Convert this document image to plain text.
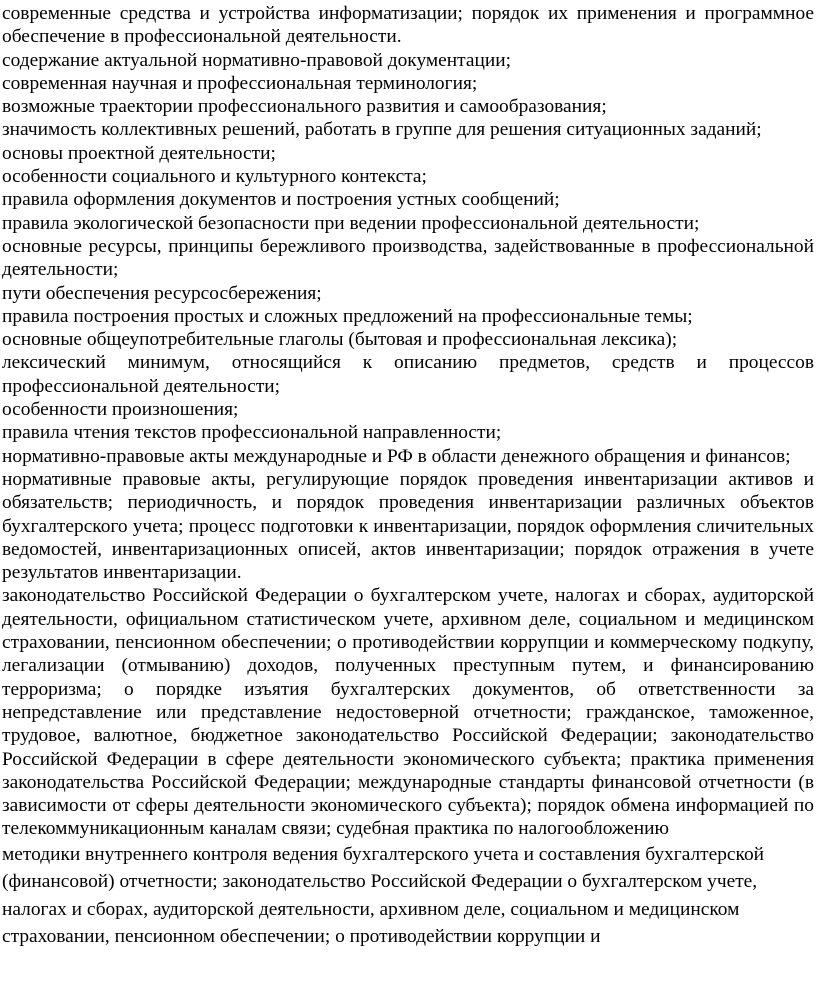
современные средства и устройства информатизации; порядок их применения и программное обеспечение в профессиональной деятельности.

содержание актуальной нормативно-правовой документации;

современная научная и профессиональная терминология;

возможные траектории профессионального развития и самообразования;

значимость коллективных решений, работать в группе для решения ситуационных заданий;

основы проектной деятельности;

особенности социального и культурного контекста;

правила оформления документов и построения устных сообщений;

правила экологической безопасности при ведении профессиональной деятельности;

основные ресурсы, принципы бережливого производства, задействованные в профессиональной деятельности;

пути обеспечения ресурсосбережения;

правила построения простых и сложных предложений на профессиональные темы;

основные общеупотребительные глаголы (бытовая и профессиональная лексика);

лексический минимум, относящийся к описанию предметов, средств и процессов профессиональной деятельности;

особенности произношения;

правила чтения текстов профессиональной направленности;

нормативно-правовые акты международные и РФ в области денежного обращения и финансов;

нормативные правовые акты, регулирующие порядок проведения инвентаризации активов и обязательств; периодичность, и порядок проведения инвентаризации различных объектов бухгалтерского учета; процесс подготовки к инвентаризации, порядок оформления сличительных ведомостей, инвентаризационных описей, актов инвентаризации; порядок отражения в учете результатов инвентаризации.

законодательство Российской Федерации о бухгалтерском учете, налогах и сборах, аудиторской деятельности, официальном статистическом учете, архивном деле, социальном и медицинском страховании, пенсионном обеспечении; о противодействии коррупции и коммерческому подкупу, легализации (отмыванию) доходов, полученных преступным путем, и финансированию терроризма; о порядке изъятия бухгалтерских документов, об ответственности за непредставление или представление недостоверной отчетности; гражданское, таможенное, трудовое, валютное, бюджетное законодательство Российской Федерации; законодательство Российской Федерации в сфере деятельности экономического субъекта; практика применения законодательства Российской Федерации; международные стандарты финансовой отчетности (в зависимости от сферы деятельности экономического субъекта); порядок обмена информацией по телекоммуникационным каналам связи; судебная практика по налогообложению

методики внутреннего контроля ведения бухгалтерского учета и составления бухгалтерской (финансовой) отчетности; законодательство Российской Федерации о бухгалтерском учете, налогах и сборах, аудиторской деятельности, архивном деле, социальном и медицинском страховании, пенсионном обеспечении; о противодействии коррупции и
